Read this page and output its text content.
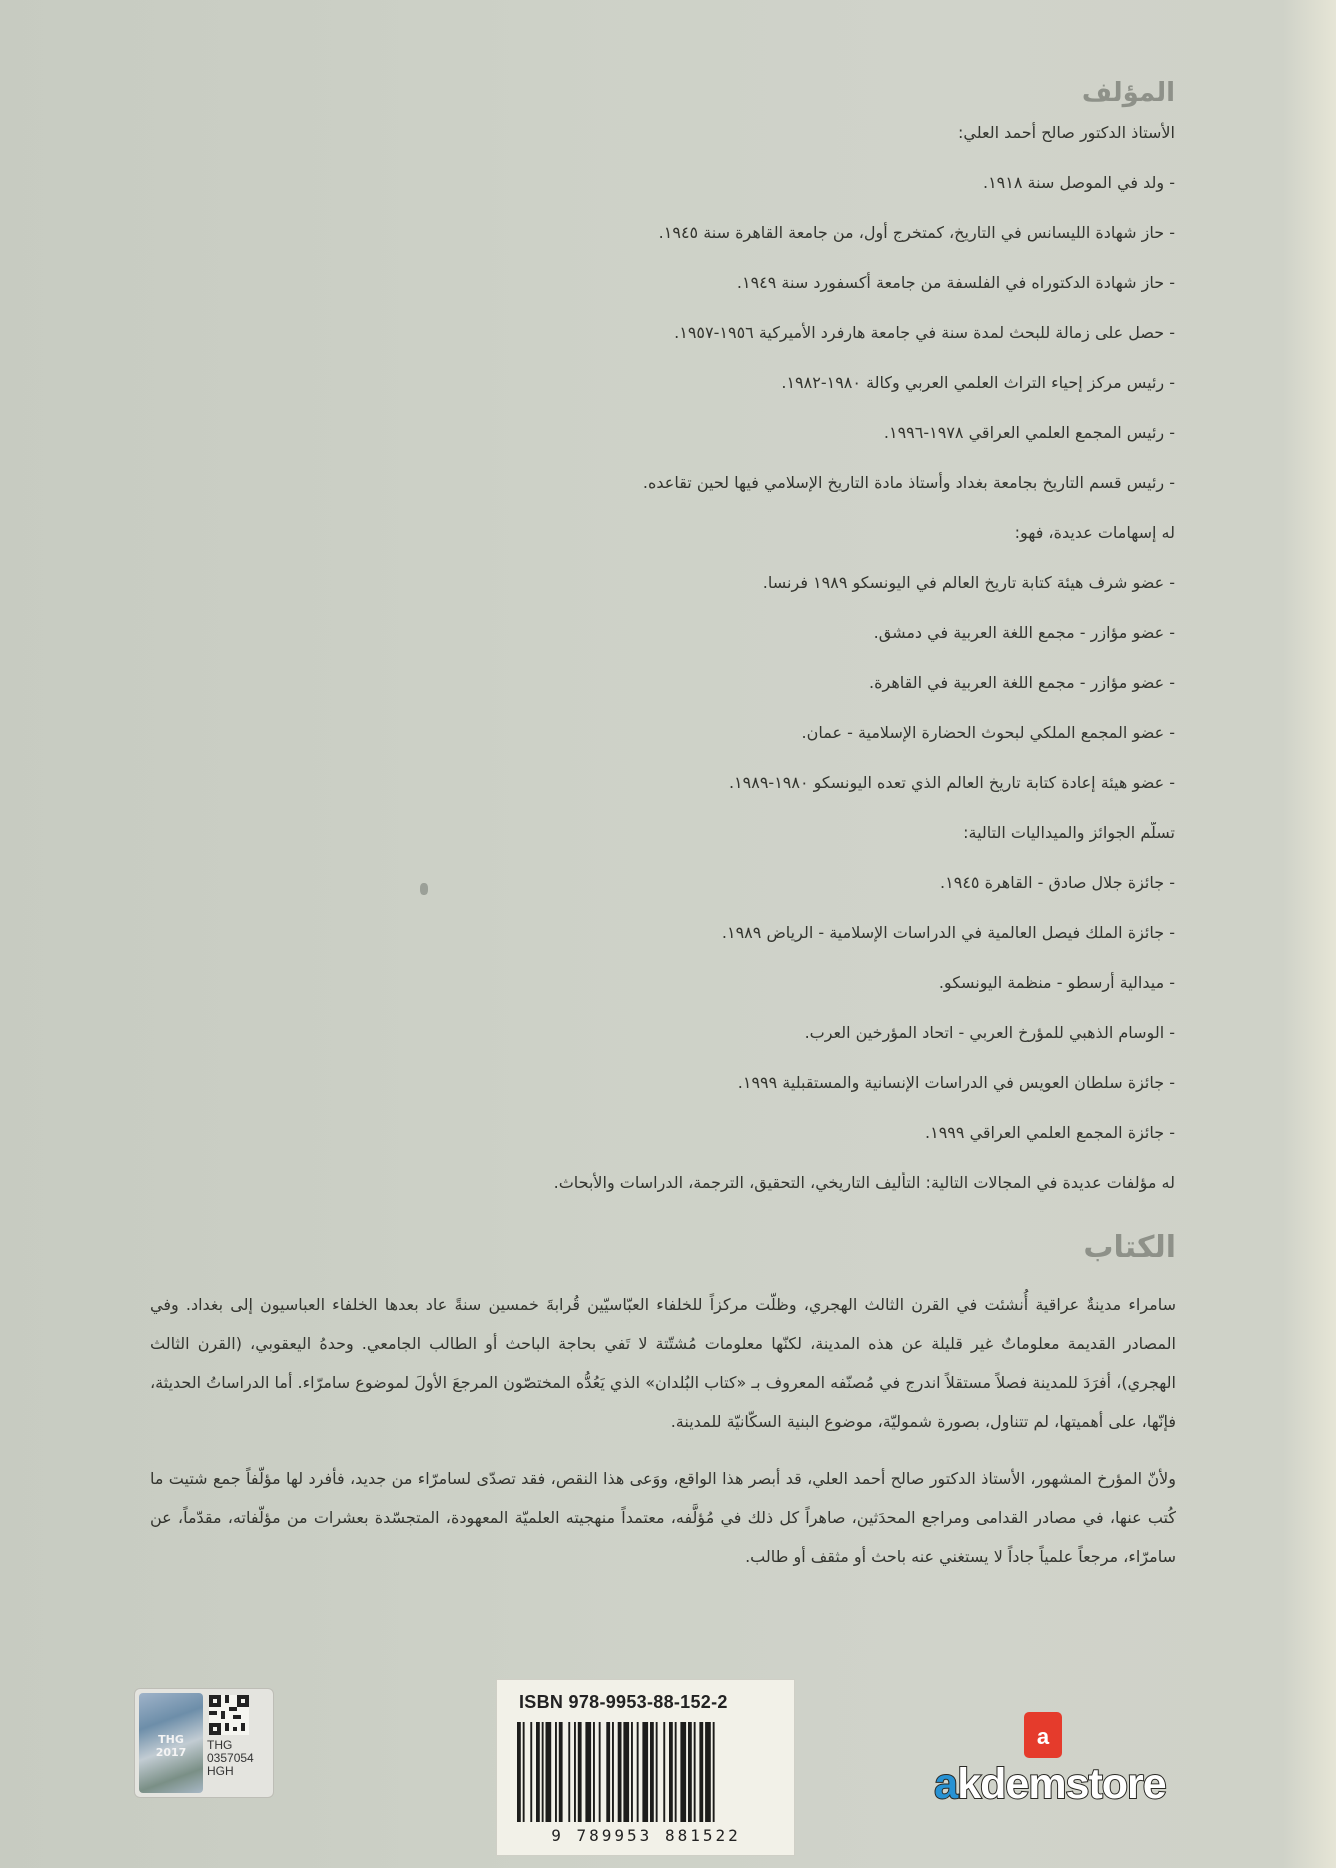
المؤلف

الأستاذ الدكتور صالح أحمد العلي:

- ولد في الموصل سنة ١٩١٨.

- حاز شهادة الليسانس في التاريخ، كمتخرج أول، من جامعة القاهرة سنة ١٩٤٥.

- حاز شهادة الدكتوراه في الفلسفة من جامعة أكسفورد سنة ١٩٤٩.

- حصل على زمالة للبحث لمدة سنة في جامعة هارفرد الأميركية ١٩٥٦-١٩٥٧.

- رئيس مركز إحياء التراث العلمي العربي وكالة ١٩٨٠-١٩٨٢.

- رئيس المجمع العلمي العراقي ١٩٧٨-١٩٩٦.

- رئيس قسم التاريخ بجامعة بغداد وأستاذ مادة التاريخ الإسلامي فيها لحين تقاعده.

له إسهامات عديدة، فهو:

- عضو شرف هيئة كتابة تاريخ العالم في اليونسكو ١٩٨٩ فرنسا.

- عضو مؤازر - مجمع اللغة العربية في دمشق.

- عضو مؤازر - مجمع اللغة العربية في القاهرة.

- عضو المجمع الملكي لبحوث الحضارة الإسلامية - عمان.

- عضو هيئة إعادة كتابة تاريخ العالم الذي تعده اليونسكو ١٩٨٠-١٩٨٩.

تسلّم الجوائز والميداليات التالية:

- جائزة جلال صادق - القاهرة ١٩٤٥.

- جائزة الملك فيصل العالمية في الدراسات الإسلامية - الرياض ١٩٨٩.

- ميدالية أرسطو - منظمة اليونسكو.

- الوسام الذهبي للمؤرخ العربي - اتحاد المؤرخين العرب.

- جائزة سلطان العويس في الدراسات الإنسانية والمستقبلية ١٩٩٩.

- جائزة المجمع العلمي العراقي ١٩٩٩.

له مؤلفات عديدة في المجالات التالية: التأليف التاريخي، التحقيق، الترجمة، الدراسات والأبحاث.

الكتاب

سامراء مدينةٌ عراقية أُنشئت في القرن الثالث الهجري، وظلّت مركزاً للخلفاء العبّاسيّين قُرابةَ خمسين سنةً عاد بعدها الخلفاء العباسيون إلى بغداد. وفي المصادر القديمة معلوماتٌ غير قليلة عن هذه المدينة، لكنّها معلومات مُشتّتة لا تَفي بحاجة الباحث أو الطالب الجامعي. وحدهُ اليعقوبي، (القرن الثالث الهجري)، أفرَدَ للمدينة فصلاً مستقلاً اندرج في مُصنّفه المعروف بـ «كتاب البُلدان» الذي يَعُدُّه المختصّون المرجعَ الأولَ لموضوع سامرّاء. أما الدراساتُ الحديثة، فإنّها، على أهميتها، لم تتناول، بصورة شموليّة، موضوع البنية السكّانيّة للمدينة.

ولأنّ المؤرخ المشهور، الأستاذ الدكتور صالح أحمد العلي، قد أبصر هذا الواقع، ووَعى هذا النقص، فقد تصدّى لسامرّاء من جديد، فأفرد لها مؤلّفاً جمع شتيت ما كُتب عنها، في مصادر القدامى ومراجع المحدَثين، صاهراً كل ذلك في مُؤلَّفه، معتمداً منهجيته العلميّة المعهودة، المتجسّدة بعشرات من مؤلّفاته، مقدّماً، عن سامرّاء، مرجعاً علمياً جاداً لا يستغني عنه باحث أو مثقف أو طالب.

THG 2017
THG
0357054
HGH
ISBN 978-9953-88-152-2
9 789953 881522
a
akdemstore
